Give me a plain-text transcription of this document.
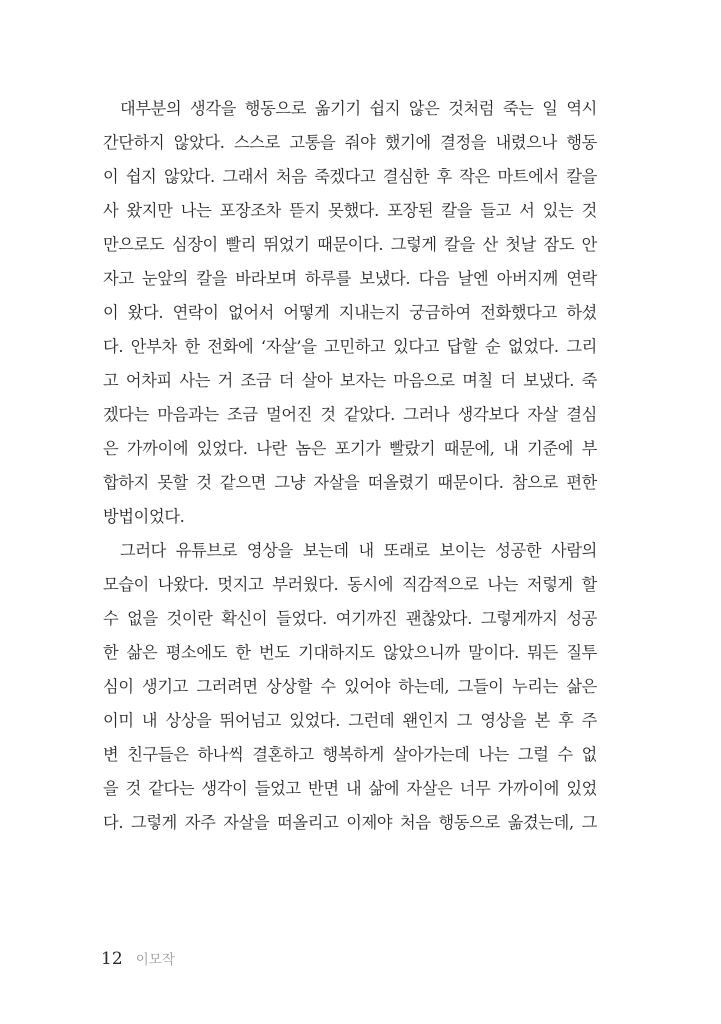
대부분의 생각을 행동으로 옮기기 쉽지 않은 것처럼 죽는 일 역시
간단하지 않았다. 스스로 고통을 줘야 했기에 결정을 내렸으나 행동
이 쉽지 않았다. 그래서 처음 죽겠다고 결심한 후 작은 마트에서 칼을
사 왔지만 나는 포장조차 뜯지 못했다. 포장된 칼을 들고 서 있는 것
만으로도 심장이 빨리 뛰었기 때문이다. 그렇게 칼을 산 첫날 잠도 안
자고 눈앞의 칼을 바라보며 하루를 보냈다. 다음 날엔 아버지께 연락
이 왔다. 연락이 없어서 어떻게 지내는지 궁금하여 전화했다고 하셨
다. 안부차 한 전화에 ‘자살’을 고민하고 있다고 답할 순 없었다. 그리
고 어차피 사는 거 조금 더 살아 보자는 마음으로 며칠 더 보냈다. 죽
겠다는 마음과는 조금 멀어진 것 같았다. 그러나 생각보다 자살 결심
은 가까이에 있었다. 나란 놈은 포기가 빨랐기 때문에, 내 기준에 부
합하지 못할 것 같으면 그냥 자살을 떠올렸기 때문이다. 참으로 편한
방법이었다.
그러다 유튜브로 영상을 보는데 내 또래로 보이는 성공한 사람의
모습이 나왔다. 멋지고 부러웠다. 동시에 직감적으로 나는 저렇게 할
수 없을 것이란 확신이 들었다. 여기까진 괜찮았다. 그렇게까지 성공
한 삶은 평소에도 한 번도 기대하지도 않았으니까 말이다. 뭐든 질투
심이 생기고 그러려면 상상할 수 있어야 하는데, 그들이 누리는 삶은
이미 내 상상을 뛰어넘고 있었다. 그런데 왠인지 그 영상을 본 후 주
변 친구들은 하나씩 결혼하고 행복하게 살아가는데 나는 그럴 수 없
을 것 같다는 생각이 들었고 반면 내 삶에 자살은 너무 가까이에 있었
다. 그렇게 자주 자살을 떠올리고 이제야 처음 행동으로 옮겼는데, 그
12 이모작
